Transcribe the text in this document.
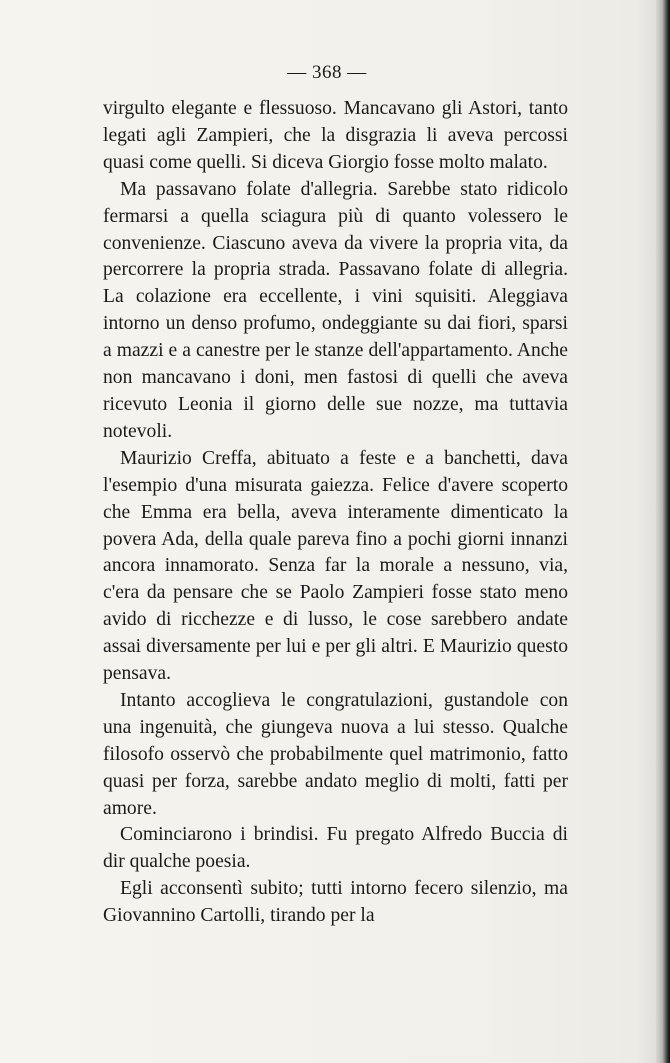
— 368 —

virgulto elegante e flessuoso. Mancavano gli Astori, tanto legati agli Zampieri, che la disgrazia li aveva percossi quasi come quelli. Si diceva Giorgio fosse molto malato.

Ma passavano folate d'allegria. Sarebbe stato ridicolo fermarsi a quella sciagura più di quanto volessero le convenienze. Ciascuno aveva da vivere la propria vita, da percorrere la propria strada. Passavano folate di allegria. La colazione era eccellente, i vini squisiti. Aleggiava intorno un denso profumo, ondeggiante su dai fiori, sparsi a mazzi e a canestre per le stanze dell'appartamento. Anche non mancavano i doni, men fastosi di quelli che aveva ricevuto Leonia il giorno delle sue nozze, ma tuttavia notevoli.

Maurizio Creffa, abituato a feste e a banchetti, dava l'esempio d'una misurata gaiezza. Felice d'avere scoperto che Emma era bella, aveva interamente dimenticato la povera Ada, della quale pareva fino a pochi giorni innanzi ancora innamorato. Senza far la morale a nessuno, via, c'era da pensare che se Paolo Zampieri fosse stato meno avido di ricchezze e di lusso, le cose sarebbero andate assai diversamente per lui e per gli altri. E Maurizio questo pensava.

Intanto accoglieva le congratulazioni, gustandole con una ingenuità, che giungeva nuova a lui stesso. Qualche filosofo osservò che probabilmente quel matrimonio, fatto quasi per forza, sarebbe andato meglio di molti, fatti per amore.

Cominciarono i brindisi. Fu pregato Alfredo Buccia di dir qualche poesia.

Egli acconsentì subito; tutti intorno fecero silenzio, ma Giovannino Cartolli, tirando per la
